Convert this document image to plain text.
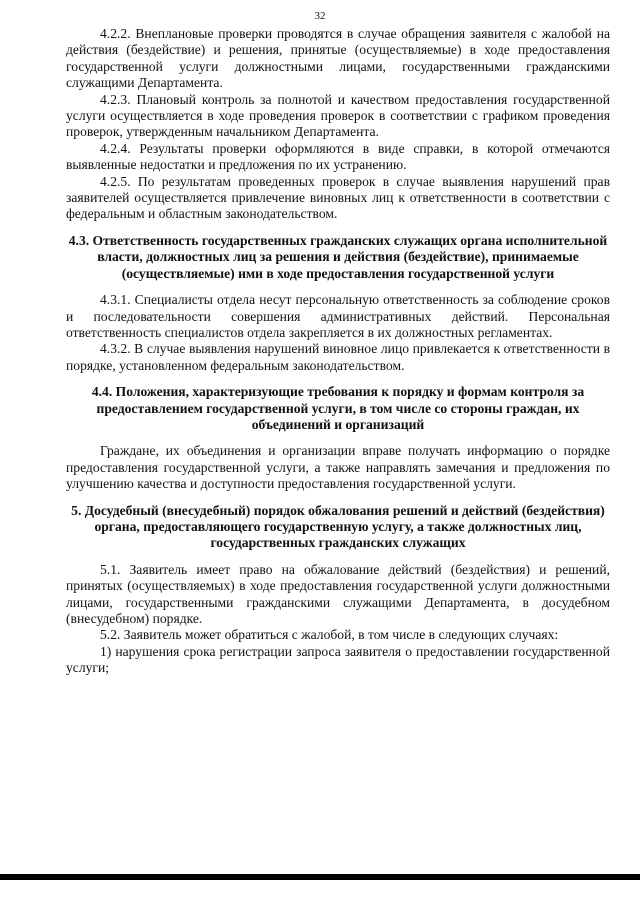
32

4.2.2. Внеплановые проверки проводятся в случае обращения заявителя с жалобой на действия (бездействие) и решения, принятые (осуществляемые) в ходе предоставления государственной услуги должностными лицами, государственными гражданскими служащими Департамента.

4.2.3. Плановый контроль за полнотой и качеством предоставления государственной услуги осуществляется в ходе проведения проверок в соответствии с графиком проведения проверок, утвержденным начальником Департамента.

4.2.4. Результаты проверки оформляются в виде справки, в которой отмечаются выявленные недостатки и предложения по их устранению.

4.2.5. По результатам проведенных проверок в случае выявления нарушений прав заявителей осуществляется привлечение виновных лиц к ответственности в соответствии с федеральным и областным законодательством.

4.3. Ответственность государственных гражданских служащих органа исполнительной власти, должностных лиц за решения и действия (бездействие), принимаемые (осуществляемые) ими в ходе предоставления государственной услуги

4.3.1. Специалисты отдела несут персональную ответственность за соблюдение сроков и последовательности совершения административных действий. Персональная ответственность специалистов отдела закрепляется в их должностных регламентах.

4.3.2. В случае выявления нарушений виновное лицо привлекается к ответственности в порядке, установленном федеральным законодательством.

4.4. Положения, характеризующие требования к порядку и формам контроля за предоставлением государственной услуги, в том числе со стороны граждан, их объединений и организаций

Граждане, их объединения и организации вправе получать информацию о порядке предоставления государственной услуги, а также направлять замечания и предложения по улучшению качества и доступности предоставления государственной услуги.

5. Досудебный (внесудебный) порядок обжалования решений и действий (бездействия) органа, предоставляющего государственную услугу, а также должностных лиц, государственных гражданских служащих

5.1. Заявитель имеет право на обжалование действий (бездействия) и решений, принятых (осуществляемых) в ходе предоставления государственной услуги должностными лицами, государственными гражданскими служащими Департамента, в досудебном (внесудебном) порядке.

5.2. Заявитель может обратиться с жалобой, в том числе в следующих случаях:

1) нарушения срока регистрации запроса заявителя о предоставлении государственной услуги;
